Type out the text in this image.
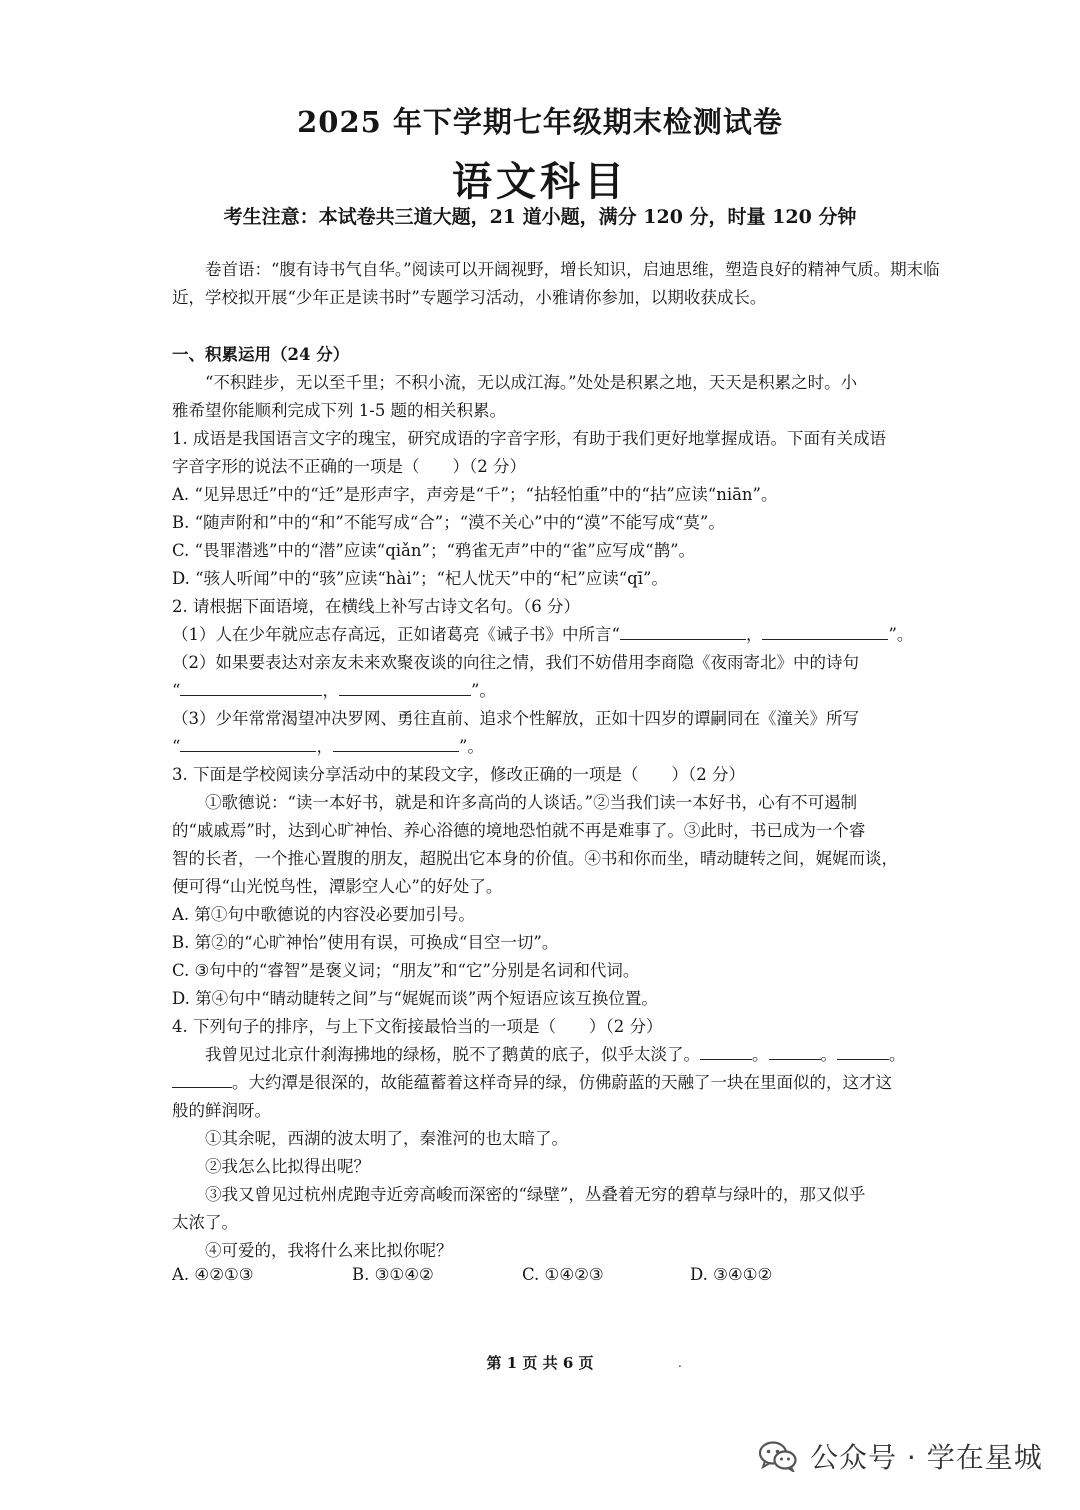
2025 年下学期七年级期末检测试卷
语文科目
考生注意：本试卷共三道大题，21 道小题，满分 120 分，时量 120 分钟
卷首语：“腹有诗书气自华。”阅读可以开阔视野，增长知识，启迪思维，塑造良好的精神气质。期末临近，学校拟开展“少年正是读书时”专题学习活动，小雅请你参加，以期收获成长。
一、积累运用（24 分）
“不积跬步，无以至千里；不积小流，无以成江海。”处处是积累之地，天天是积累之时。小
雅希望你能顺利完成下列 1-5 题的相关积累。
1. 成语是我国语言文字的瑰宝，研究成语的字音字形，有助于我们更好地掌握成语。下面有关成语
字音字形的说法不正确的一项是（　　）（2 分）
A. “见异思迁”中的“迁”是形声字，声旁是“千”；“拈轻怕重”中的“拈”应读“niān”。
B. “随声附和”中的“和”不能写成“合”；“漠不关心”中的“漠”不能写成“莫”。
C. “畏罪潜逃”中的“潜”应读“qiǎn”；“鸦雀无声”中的“雀”应写成“鹊”。
D. “骇人听闻”中的“骇”应读“hài”；“杞人忧天”中的“杞”应读“qī”。
2. 请根据下面语境，在横线上补写古诗文名句。（6 分）
（1）人在少年就应志存高远，正如诸葛亮《诫子书》中所言“	，	”。
（2）如果要表达对亲友未来欢聚夜谈的向往之情，我们不妨借用李商隐《夜雨寄北》中的诗句
“	，	”。
（3）少年常常渴望冲决罗网、勇往直前、追求个性解放，正如十四岁的谭嗣同在《潼关》所写
“	，	”。
3. 下面是学校阅读分享活动中的某段文字，修改正确的一项是（　　）（2 分）
①歌德说：“读一本好书，就是和许多高尚的人谈话。”②当我们读一本好书，心有不可遏制
的“戚戚焉”时，达到心旷神怡、养心浴德的境地恐怕就不再是难事了。③此时，书已成为一个睿
智的长者，一个推心置腹的朋友，超脱出它本身的价值。④书和你而坐，晴动睫转之间，娓娓而谈，
便可得“山光悦鸟性，潭影空人心”的好处了。
A. 第①句中歌德说的内容没必要加引号。
B. 第②的“心旷神怡”使用有误，可换成“目空一切”。
C. ③句中的“睿智”是褒义词；“朋友”和“它”分别是名词和代词。
D. 第④句中“睛动睫转之间”与“娓娓而谈”两个短语应该互换位置。
4. 下列句子的排序，与上下文衔接最恰当的一项是（　　）（2 分）
我曾见过北京什刹海拂地的绿杨，脱不了鹅黄的底子，似乎太淡了。	。	。	。
。大约潭是很深的，故能蕴蓄着这样奇异的绿，仿佛蔚蓝的天融了一块在里面似的，这才这
般的鲜润呀。
①其余呢，西湖的波太明了，秦淮河的也太暗了。
②我怎么比拟得出呢？
③我又曾见过杭州虎跑寺近旁高峻而深密的“绿壁”，丛叠着无穷的碧草与绿叶的，那又似乎
太浓了。
④可爱的，我将什么来比拟你呢？
A. ④②①③	B. ③①④②	C. ①④②③	D. ③④①②
第 1 页 共 6 页	.
公众号 · 学在星城
